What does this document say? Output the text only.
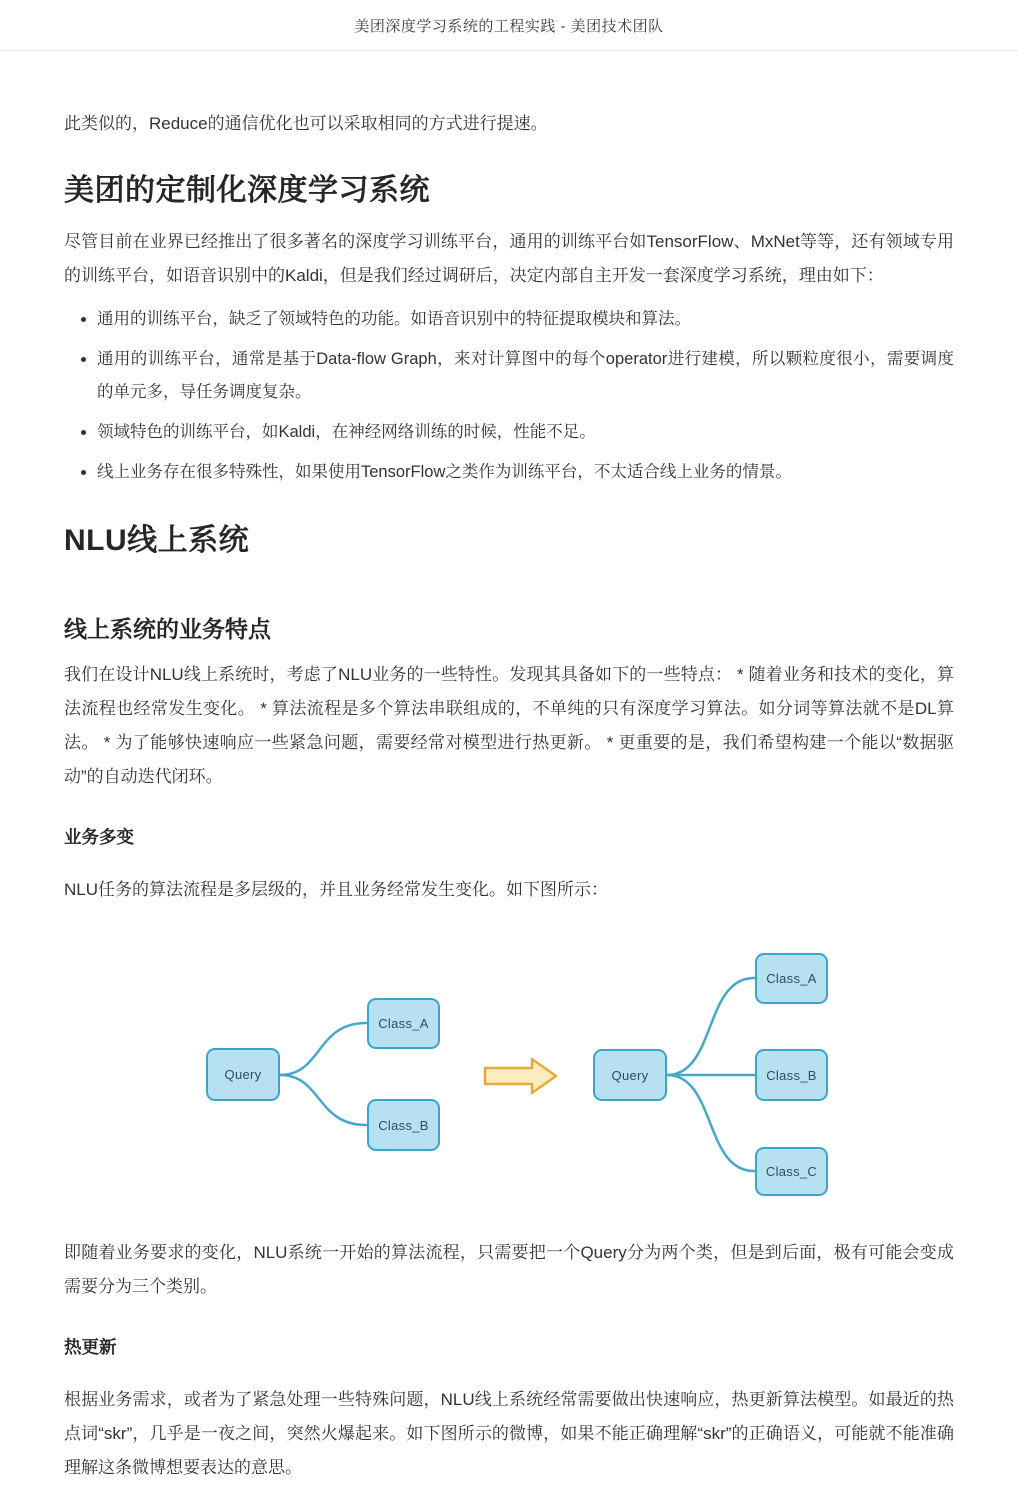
美团深度学习系统的工程实践 - 美团技术团队

此类似的，Reduce的通信优化也可以采取相同的方式进行提速。

美团的定制化深度学习系统

尽管目前在业界已经推出了很多著名的深度学习训练平台，通用的训练平台如TensorFlow、MxNet等等，还有领域专用的训练平台，如语音识别中的Kaldi，但是我们经过调研后，决定内部自主开发一套深度学习系统，理由如下：

• 通用的训练平台，缺乏了领域特色的功能。如语音识别中的特征提取模块和算法。
• 通用的训练平台，通常是基于Data-flow Graph，来对计算图中的每个operator进行建模，所以颗粒度很小，需要调度的单元多，导任务调度复杂。
• 领域特色的训练平台，如Kaldi，在神经网络训练的时候，性能不足。
• 线上业务存在很多特殊性，如果使用TensorFlow之类作为训练平台，不太适合线上业务的情景。
NLU线上系统
线上系统的业务特点

我们在设计NLU线上系统时，考虑了NLU业务的一些特性。发现其具备如下的一些特点： * 随着业务和技术的变化，算法流程也经常发生变化。 * 算法流程是多个算法串联组成的，不单纯的只有深度学习算法。如分词等算法就不是DL算法。 * 为了能够快速响应一些紧急问题，需要经常对模型进行热更新。 * 更重要的是，我们希望构建一个能以“数据驱动”的自动迭代闭环。

业务多变

NLU任务的算法流程是多层级的，并且业务经常发生变化。如下图所示：

Query
Class_A
Class_B
Query
Class_A
Class_B
Class_C

即随着业务要求的变化，NLU系统一开始的算法流程，只需要把一个Query分为两个类，但是到后面，极有可能会变成需要分为三个类别。

热更新

根据业务需求，或者为了紧急处理一些特殊问题，NLU线上系统经常需要做出快速响应，热更新算法模型。如最近的热点词“skr”，几乎是一夜之间，突然火爆起来。如下图所示的微博，如果不能正确理解“skr”的正确语义，可能就不能准确理解这条微博想要表达的意思。
